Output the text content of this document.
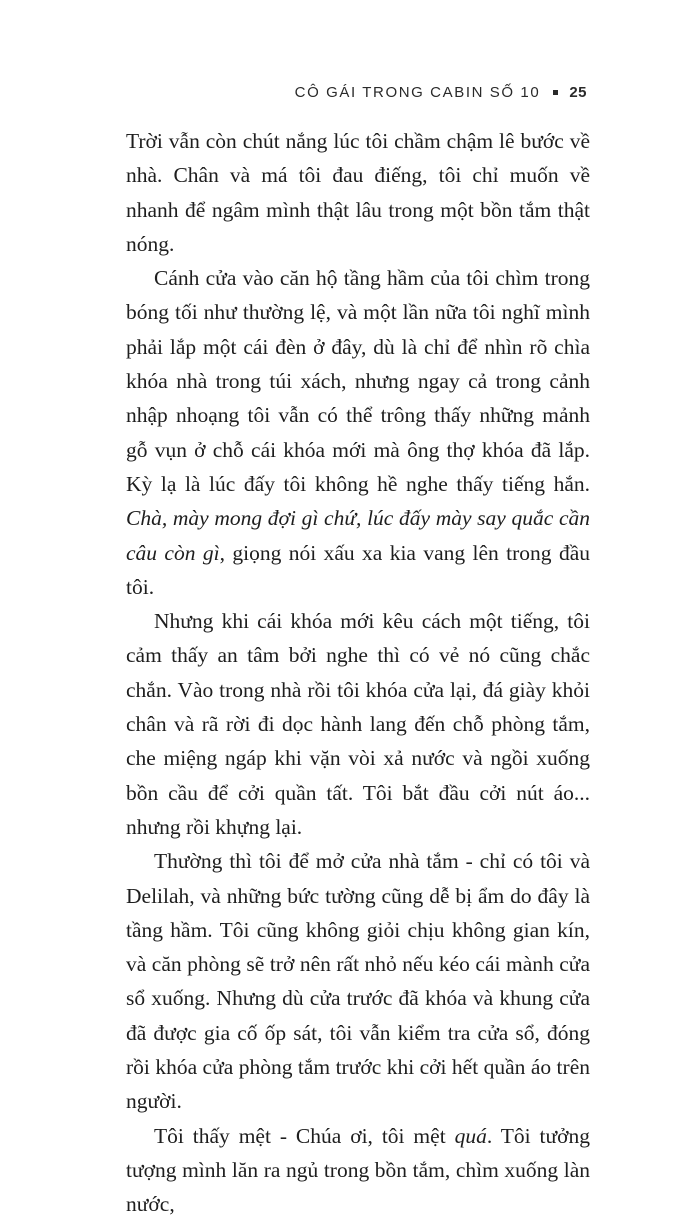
CÔ GÁI TRONG CABIN SỐ 10 25

Trời vẫn còn chút nắng lúc tôi chầm chậm lê bước về nhà. Chân và má tôi đau điếng, tôi chỉ muốn về nhanh để ngâm mình thật lâu trong một bồn tắm thật nóng.

Cánh cửa vào căn hộ tầng hầm của tôi chìm trong bóng tối như thường lệ, và một lần nữa tôi nghĩ mình phải lắp một cái đèn ở đây, dù là chỉ để nhìn rõ chìa khóa nhà trong túi xách, nhưng ngay cả trong cảnh nhập nhoạng tôi vẫn có thể trông thấy những mảnh gỗ vụn ở chỗ cái khóa mới mà ông thợ khóa đã lắp. Kỳ lạ là lúc đấy tôi không hề nghe thấy tiếng hắn. Chà, mày mong đợi gì chứ, lúc đấy mày say quắc cần câu còn gì, giọng nói xấu xa kia vang lên trong đầu tôi.

Nhưng khi cái khóa mới kêu cách một tiếng, tôi cảm thấy an tâm bởi nghe thì có vẻ nó cũng chắc chắn. Vào trong nhà rồi tôi khóa cửa lại, đá giày khỏi chân và rã rời đi dọc hành lang đến chỗ phòng tắm, che miệng ngáp khi vặn vòi xả nước và ngồi xuống bồn cầu để cởi quần tất. Tôi bắt đầu cởi nút áo... nhưng rồi khựng lại.

Thường thì tôi để mở cửa nhà tắm - chỉ có tôi và Delilah, và những bức tường cũng dễ bị ẩm do đây là tầng hầm. Tôi cũng không giỏi chịu không gian kín, và căn phòng sẽ trở nên rất nhỏ nếu kéo cái mành cửa sổ xuống. Nhưng dù cửa trước đã khóa và khung cửa đã được gia cố ốp sát, tôi vẫn kiểm tra cửa sổ, đóng rồi khóa cửa phòng tắm trước khi cởi hết quần áo trên người.

Tôi thấy mệt - Chúa ơi, tôi mệt quá. Tôi tưởng tượng mình lăn ra ngủ trong bồn tắm, chìm xuống làn nước,
